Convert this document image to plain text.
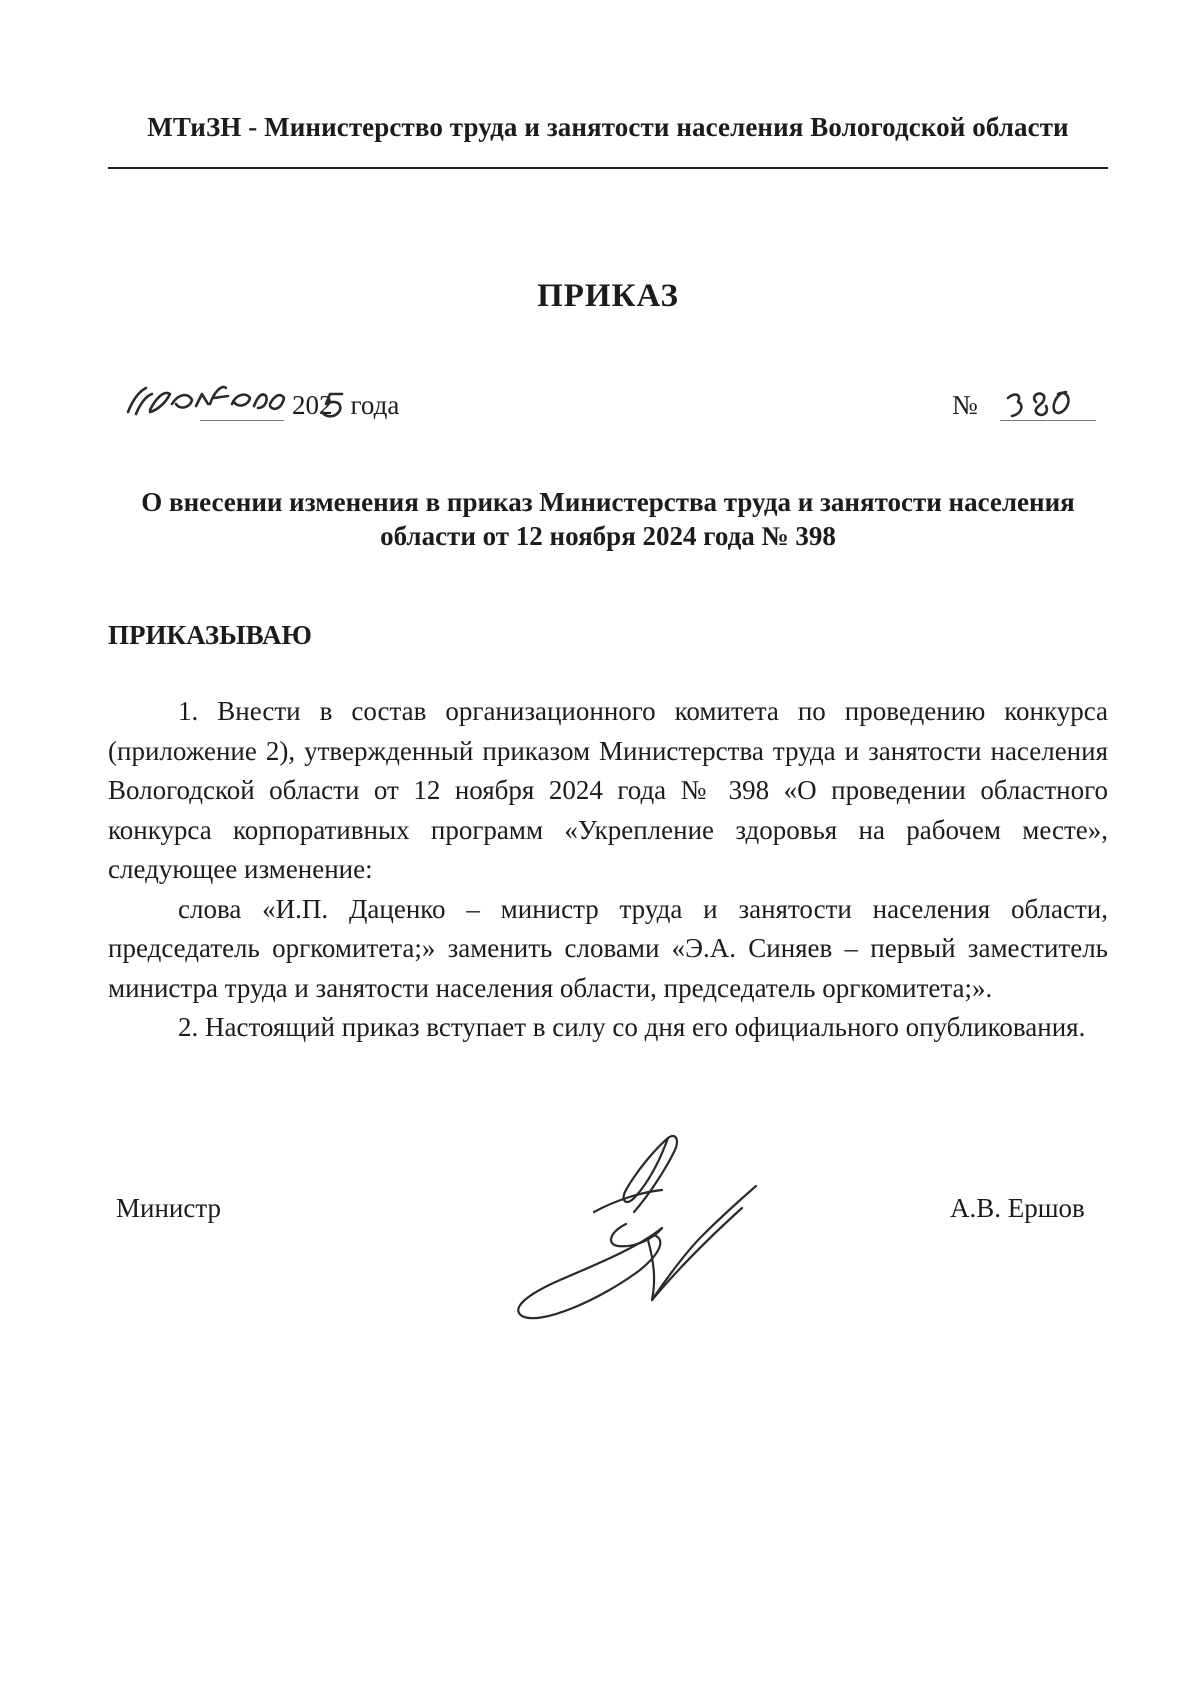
МТиЗН - Министерство труда и занятости населения Вологодской области
ПРИКАЗ
202 года	№
О внесении изменения в приказ Министерства труда и занятости населения
области от 12 ноября 2024 года № 398
ПРИКАЗЫВАЮ

1. Внести в состав организационного комитета по проведению конкурса (приложение 2), утвержденный приказом Министерства труда и занятости населения Вологодской области от 12 ноября 2024 года № 398 «О проведении областного конкурса корпоративных программ «Укрепление здоровья на рабочем месте», следующее изменение:

слова «И.П. Даценко – министр труда и занятости населения области, председатель оргкомитета;» заменить словами «Э.А. Синяев – первый заместитель министра труда и занятости населения области, председатель оргкомитета;».

2. Настоящий приказ вступает в силу со дня его официального опубликования.

Министр	А.В. Ершов
